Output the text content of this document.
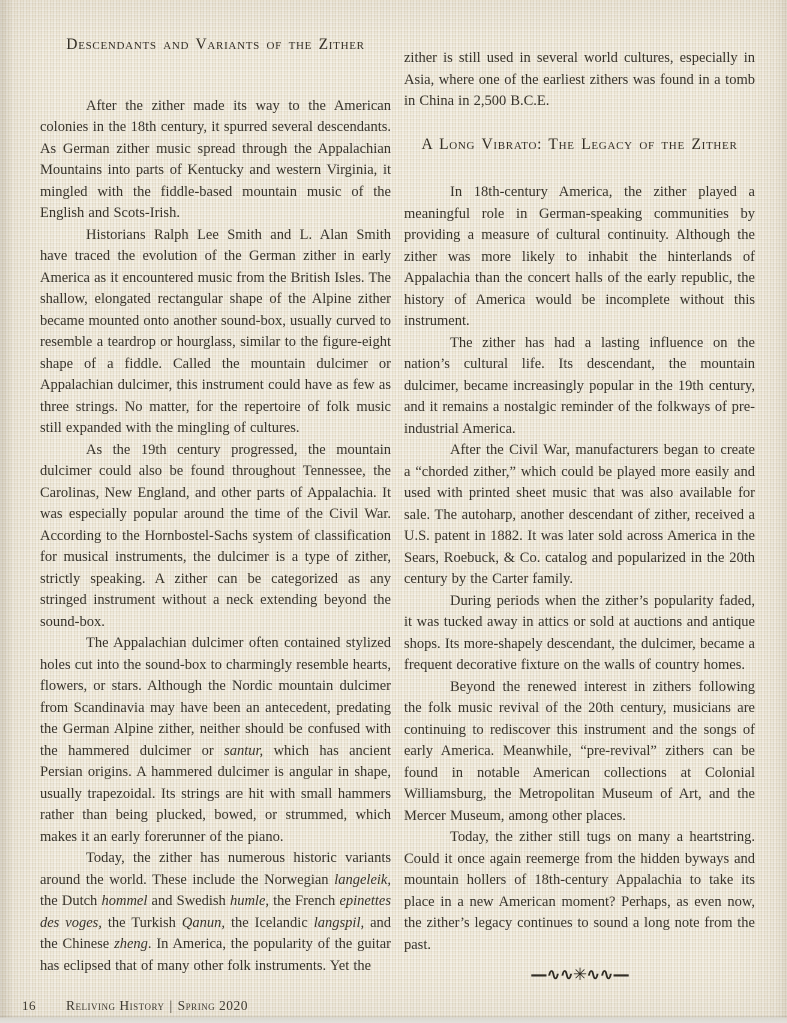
Descendants and Variants of the Zither

After the zither made its way to the American colonies in the 18th century, it spurred several descendants. As German zither music spread through the Appalachian Mountains into parts of Kentucky and western Virginia, it mingled with the fiddle-based mountain music of the English and Scots-Irish.

Historians Ralph Lee Smith and L. Alan Smith have traced the evolution of the German zither in early America as it encountered music from the British Isles. The shallow, elongated rectangular shape of the Alpine zither became mounted onto another sound-box, usually curved to resemble a teardrop or hourglass, similar to the figure-eight shape of a fiddle. Called the mountain dulcimer or Appalachian dulcimer, this instrument could have as few as three strings. No matter, for the repertoire of folk music still expanded with the mingling of cultures.

As the 19th century progressed, the mountain dulcimer could also be found throughout Tennessee, the Carolinas, New England, and other parts of Appalachia. It was especially popular around the time of the Civil War. According to the Hornbostel-Sachs system of classification for musical instruments, the dulcimer is a type of zither, strictly speaking. A zither can be categorized as any stringed instrument without a neck extending beyond the sound-box.

The Appalachian dulcimer often contained stylized holes cut into the sound-box to charmingly resemble hearts, flowers, or stars. Although the Nordic mountain dulcimer from Scandinavia may have been an antecedent, predating the German Alpine zither, neither should be confused with the hammered dulcimer or santur, which has ancient Persian origins. A hammered dulcimer is angular in shape, usually trapezoidal. Its strings are hit with small hammers rather than being plucked, bowed, or strummed, which makes it an early forerunner of the piano.

Today, the zither has numerous historic variants around the world. These include the Norwegian langeleik, the Dutch hommel and Swedish humle, the French epinettes des voges, the Turkish Qanun, the Icelandic langspil, and the Chinese zheng. In America, the popularity of the guitar has eclipsed that of many other folk instruments. Yet the

zither is still used in several world cultures, especially in Asia, where one of the earliest zithers was found in a tomb in China in 2,500 B.C.E.

A Long Vibrato: The Legacy of the Zither

In 18th-century America, the zither played a meaningful role in German-speaking communities by providing a measure of cultural continuity. Although the zither was more likely to inhabit the hinterlands of Appalachia than the concert halls of the early republic, the history of America would be incomplete without this instrument.

The zither has had a lasting influence on the nation’s cultural life. Its descendant, the mountain dulcimer, became increasingly popular in the 19th century, and it remains a nostalgic reminder of the folkways of pre-industrial America.

After the Civil War, manufacturers began to create a “chorded zither,” which could be played more easily and used with printed sheet music that was also available for sale. The autoharp, another descendant of zither, received a U.S. patent in 1882. It was later sold across America in the Sears, Roebuck, & Co. catalog and popularized in the 20th century by the Carter family.

During periods when the zither’s popularity faded, it was tucked away in attics or sold at auctions and antique shops. Its more-shapely descendant, the dulcimer, became a frequent decorative fixture on the walls of country homes.

Beyond the renewed interest in zithers following the folk music revival of the 20th century, musicians are continuing to rediscover this instrument and the songs of early America. Meanwhile, “pre-revival” zithers can be found in notable American collections at Colonial Williamsburg, the Metropolitan Museum of Art, and the Mercer Museum, among other places.

Today, the zither still tugs on many a heartstring. Could it once again reemerge from the hidden byways and mountain hollers of 18th-century Appalachia to take its place in a new American moment? Perhaps, as even now, the zither’s legacy continues to sound a long note from the past.

—∿∿✳∿∿—
16 Reliving History | Spring 2020
